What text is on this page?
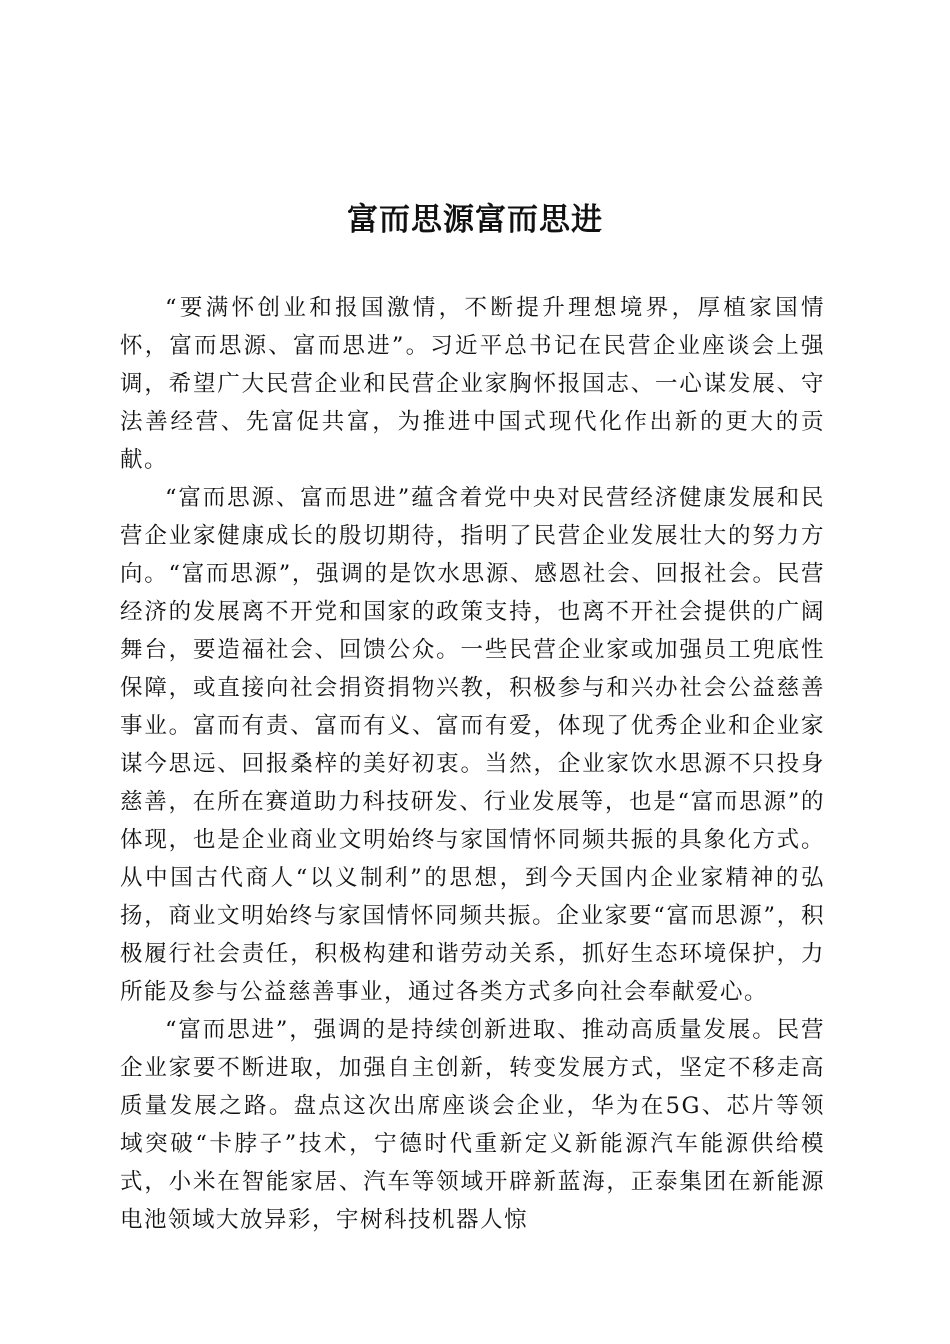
富而思源富而思进

“要满怀创业和报国激情，不断提升理想境界，厚植家国情怀，富而思源、富而思进”。习近平总书记在民营企业座谈会上强调，希望广大民营企业和民营企业家胸怀报国志、一心谋发展、守法善经营、先富促共富，为推进中国式现代化作出新的更大的贡献。

“富而思源、富而思进”蕴含着党中央对民营经济健康发展和民营企业家健康成长的殷切期待，指明了民营企业发展壮大的努力方向。“富而思源”，强调的是饮水思源、感恩社会、回报社会。民营经济的发展离不开党和国家的政策支持，也离不开社会提供的广阔舞台，要造福社会、回馈公众。一些民营企业家或加强员工兜底性保障，或直接向社会捐资捐物兴教，积极参与和兴办社会公益慈善事业。富而有责、富而有义、富而有爱，体现了优秀企业和企业家谋今思远、回报桑梓的美好初衷。当然，企业家饮水思源不只投身慈善，在所在赛道助力科技研发、行业发展等，也是“富而思源”的体现，也是企业商业文明始终与家国情怀同频共振的具象化方式。从中国古代商人“以义制利”的思想，到今天国内企业家精神的弘扬，商业文明始终与家国情怀同频共振。企业家要“富而思源”，积极履行社会责任，积极构建和谐劳动关系，抓好生态环境保护，力所能及参与公益慈善事业，通过各类方式多向社会奉献爱心。

“富而思进”，强调的是持续创新进取、推动高质量发展。民营企业家要不断进取，加强自主创新，转变发展方式，坚定不移走高质量发展之路。盘点这次出席座谈会企业，华为在5G、芯片等领域突破“卡脖子”技术，宁德时代重新定义新能源汽车能源供给模式，小米在智能家居、汽车等领域开辟新蓝海，正泰集团在新能源电池领域大放异彩，宇树科技机器人惊
